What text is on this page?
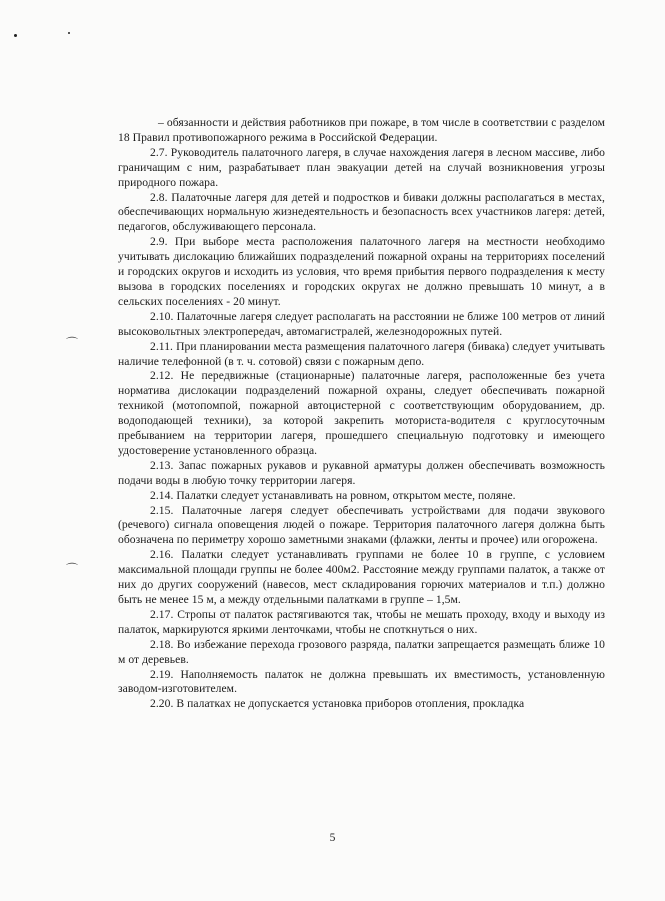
⌒
⌒

– обязанности и действия работников при пожаре, в том числе в соответствии с разделом 18 Правил противопожарного режима в Российской Федерации.

2.7. Руководитель палаточного лагеря, в случае нахождения лагеря в лесном массиве, либо граничащим с ним, разрабатывает план эвакуации детей на случай возникновения угрозы природного пожара.

2.8. Палаточные лагеря для детей и подростков и биваки должны располагаться в местах, обеспечивающих нормальную жизнедеятельность и безопасность всех участников лагеря: детей, педагогов, обслуживающего персонала.

2.9. При выборе места расположения палаточного лагеря на местности необходимо учитывать дислокацию ближайших подразделений пожарной охраны на территориях поселений и городских округов и исходить из условия, что время прибытия первого подразделения к месту вызова в городских поселениях и городских округах не должно превышать 10 минут, а в сельских поселениях - 20 минут.

2.10. Палаточные лагеря следует располагать на расстоянии не ближе 100 метров от линий высоковольтных электропередач, автомагистралей, железнодорожных путей.

2.11. При планировании места размещения палаточного лагеря (бивака) следует учитывать наличие телефонной (в т. ч. сотовой) связи с пожарным депо.

2.12. Не передвижные (стационарные) палаточные лагеря, расположенные без учета норматива дислокации подразделений пожарной охраны, следует обеспечивать пожарной техникой (мотопомпой, пожарной автоцистерной с соответствующим оборудованием, др. водоподающей техники), за которой закрепить моториста-водителя с круглосуточным пребыванием на территории лагеря, прошедшего специальную подготовку и имеющего удостоверение установленного образца.

2.13. Запас пожарных рукавов и рукавной арматуры должен обеспечивать возможность подачи воды в любую точку территории лагеря.

2.14. Палатки следует устанавливать на ровном, открытом месте, поляне.

2.15. Палаточные лагеря следует обеспечивать устройствами для подачи звукового (речевого) сигнала оповещения людей о пожаре. Территория палаточного лагеря должна быть обозначена по периметру хорошо заметными знаками (флажки, ленты и прочее) или огорожена.

2.16. Палатки следует устанавливать группами не более 10 в группе, с условием максимальной площади группы не более 400м2. Расстояние между группами палаток, а также от них до других сооружений (навесов, мест складирования горючих материалов и т.п.) должно быть не менее 15 м, а между отдельными палатками в группе – 1,5м.

2.17. Стропы от палаток растягиваются так, чтобы не мешать проходу, входу и выходу из палаток, маркируются яркими ленточками, чтобы не споткнуться о них.

2.18. Во избежание перехода грозового разряда, палатки запрещается размещать ближе 10 м от деревьев.

2.19. Наполняемость палаток не должна превышать их вместимость, установленную заводом-изготовителем.

2.20. В палатках не допускается установка приборов отопления, прокладка

5
